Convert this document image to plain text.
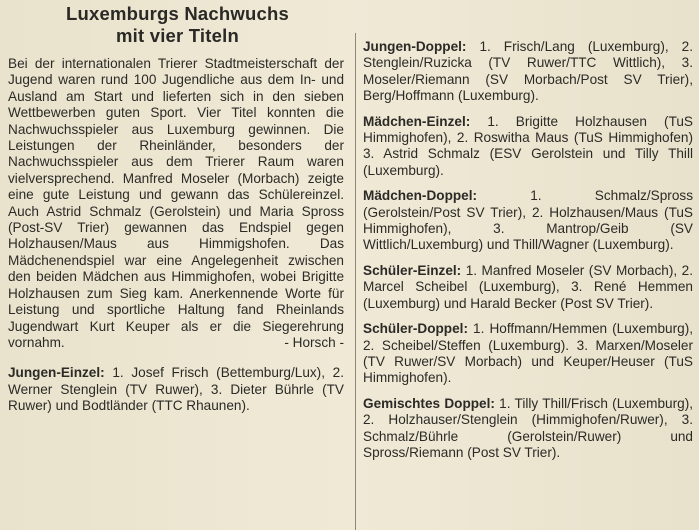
Luxemburgs Nachwuchs
mit vier Titeln

Bei der internationalen Trierer Stadtmeisterschaft der Jugend waren rund 100 Jugendliche aus dem In- und Ausland am Start und lieferten sich in den sieben Wettbewerben guten Sport. Vier Titel konnten die Nachwuchsspieler aus Luxemburg gewinnen. Die Leistungen der Rheinländer, besonders der Nachwuchsspieler aus dem Trierer Raum waren vielversprechend. Manfred Moseler (Morbach) zeigte eine gute Leistung und gewann das Schülereinzel. Auch Astrid Schmalz (Gerolstein) und Maria Spross (Post-SV Trier) gewannen das Endspiel gegen Holzhausen/Maus aus Himmigshofen. Das Mädchenendspiel war eine Angelegenheit zwischen den beiden Mädchen aus Himmighofen, wobei Brigitte Holzhausen zum Sieg kam. Anerkennende Worte für Leistung und sportliche Haltung fand Rheinlands Jugendwart Kurt Keuper als er die Siegerehrung vornahm.	- Horsch -

Jungen-Einzel: 1. Josef Frisch (Bettemburg/Lux), 2. Werner Stenglein (TV Ruwer), 3. Dieter Bührle (TV Ruwer) und Bodtländer (TTC Rhaunen).

Jungen-Doppel: 1. Frisch/Lang (Luxemburg), 2. Stenglein/Ruzicka (TV Ruwer/TTC Wittlich), 3. Moseler/Riemann (SV Morbach/Post SV Trier), Berg/Hoffmann (Luxemburg).

Mädchen-Einzel: 1. Brigitte Holzhausen (TuS Himmighofen), 2. Roswitha Maus (TuS Himmighofen) 3. Astrid Schmalz (ESV Gerolstein und Tilly Thill (Luxemburg).

Mädchen-Doppel: 1. Schmalz/Spross (Gerolstein/Post SV Trier), 2. Holzhausen/Maus (TuS Himmighofen), 3. Mantrop/Geib (SV Wittlich/Luxemburg) und Thill/Wagner (Luxemburg).

Schüler-Einzel: 1. Manfred Moseler (SV Morbach), 2. Marcel Scheibel (Luxemburg), 3. René Hemmen (Luxemburg) und Harald Becker (Post SV Trier).

Schüler-Doppel: 1. Hoffmann/Hemmen (Luxemburg), 2. Scheibel/Steffen (Luxemburg). 3. Marxen/Moseler (TV Ruwer/SV Morbach) und Keuper/Heuser (TuS Himmighofen).

Gemischtes Doppel: 1. Tilly Thill/Frisch (Luxemburg), 2. Holzhauser/Stenglein (Himmighofen/Ruwer), 3. Schmalz/Bührle (Gerolstein/Ruwer) und Spross/Riemann (Post SV Trier).
